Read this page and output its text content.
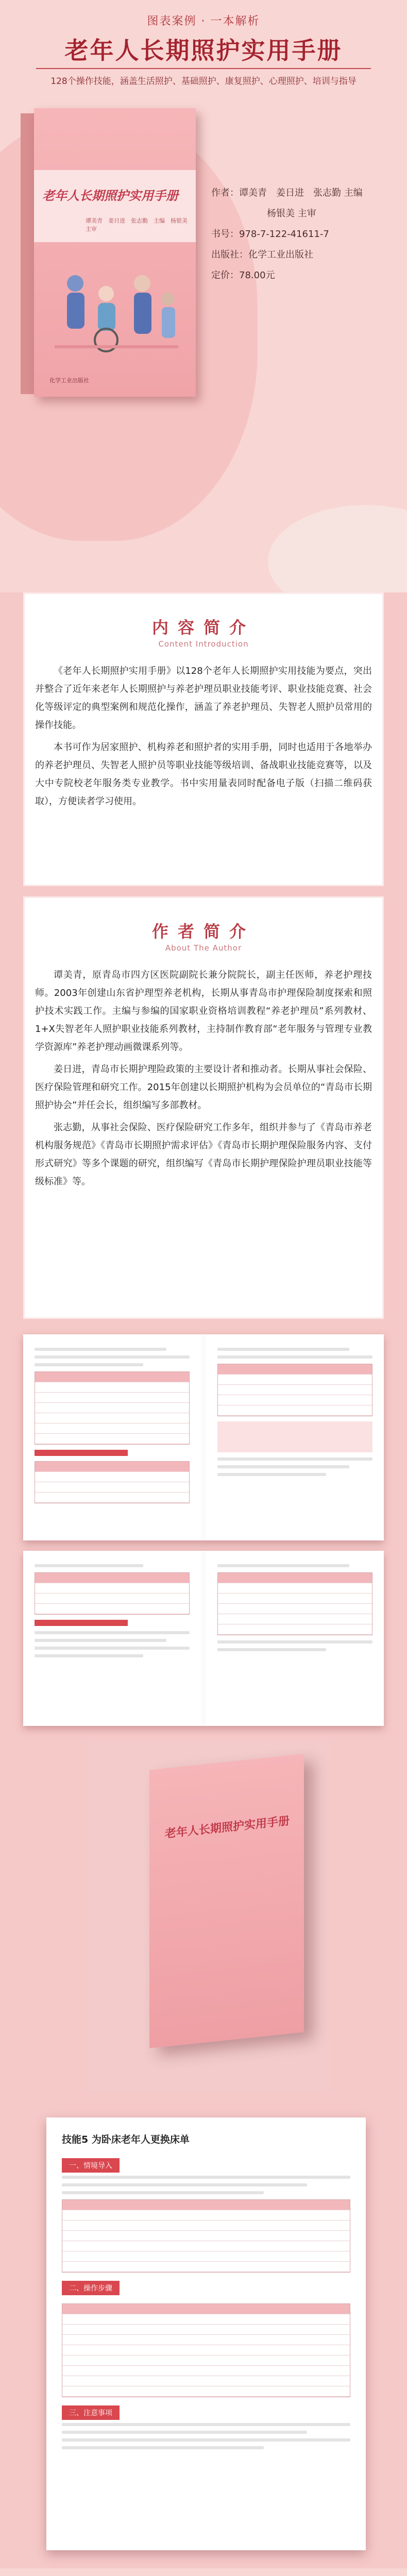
图表案例 · 一本解析
老年人长期照护实用手册
128个操作技能，涵盖生活照护、基础照护、康复照护、心理照护、培训与指导
老年人长期照护实用手册
谭美青　姜日进　张志勤　主编　杨银美　主审
化学工业出版社
作者：谭美青　姜日进　张志勤 主编
杨银美 主审
书号：978-7-122-41611-7
出版社：化学工业出版社
定价：78.00元
内容简介
Content Introduction

《老年人长期照护实用手册》以128个老年人长期照护实用技能为要点，突出并整合了近年来老年人长期照护与养老护理员职业技能考评、职业技能竞赛、社会化等级评定的典型案例和规范化操作，涵盖了养老护理员、失智老人照护员常用的操作技能。

本书可作为居家照护、机构养老和照护者的实用手册，同时也适用于各地举办的养老护理员、失智老人照护员等职业技能等级培训、备战职业技能竞赛等，以及大中专院校老年服务类专业教学。书中实用量表同时配备电子版（扫描二维码获取），方便读者学习使用。

作者简介
About The Author

谭美青，原青岛市四方区医院副院长兼分院院长，副主任医师，养老护理技师。2003年创建山东省护理型养老机构，长期从事青岛市护理保险制度探索和照护技术实践工作。主编与参编的国家职业资格培训教程“养老护理员”系列教材、1+X失智老年人照护职业技能系列教材，主持制作教育部“老年服务与管理专业教学资源库”养老护理动画微课系列等。

姜日进，青岛市长期护理险政策的主要设计者和推动者。长期从事社会保险、医疗保险管理和研究工作。2015年创建以长期照护机构为会员单位的“青岛市长期照护协会”并任会长，组织编写多部教材。

张志勤，从事社会保险、医疗保险研究工作多年，组织并参与了《青岛市养老机构服务规范》《青岛市长期照护需求评估》《青岛市长期护理保险服务内容、支付形式研究》等多个课题的研究，组织编写《青岛市长期护理保险护理员职业技能等级标准》等。

老年人长期照护实用手册
技能5 为卧床老年人更换床单
一、情境导入
二、操作步骤
三、注意事项
